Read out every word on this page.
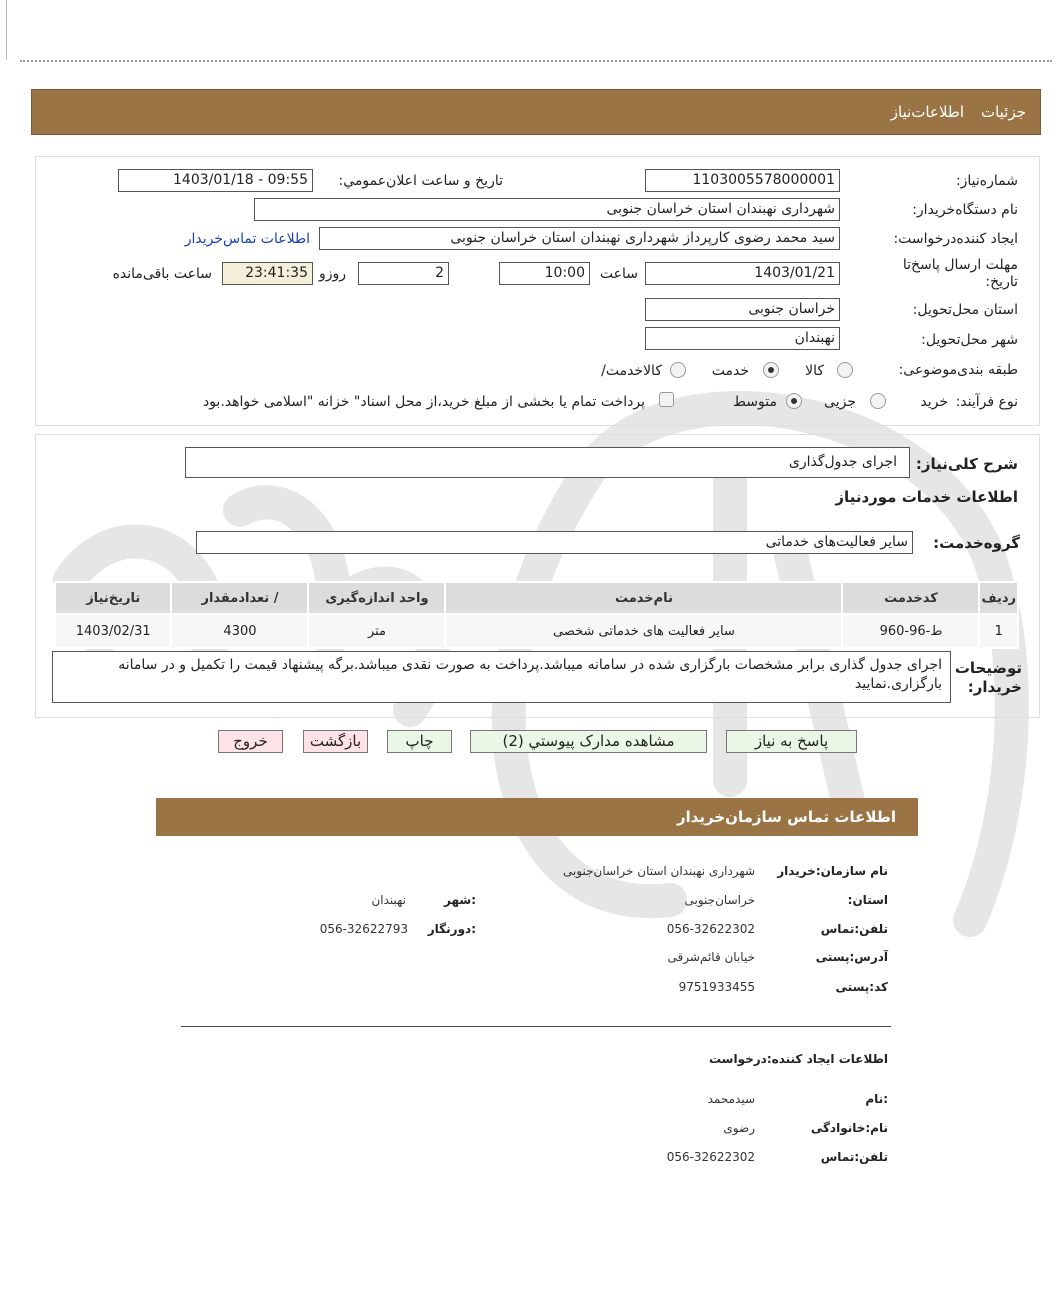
جزئیات
اطلاعات‌نیاز
شماره‌نیاز:
1103005578000001
تاریخ و ساعت اعلان‌عمومي:
1403/01/18 - 09:55
نام دستگاه‌خریدار:
شهرداری نهبندان استان خراسان جنوبی
ایجاد کننده‌درخواست:
سید محمد رضوی کارپرداز شهرداری نهبندان استان خراسان جنوبی
اطلاعات تماس‌خریدار
مهلت ارسال پاسخ‌تا تاریخ:
1403/01/21
ساعت
10:00
2
روزو
23:41:35
ساعت باقی‌مانده
استان محل‌تحویل:
خراسان جنوبی
شهر محل‌تحویل:
نهبندان
طبقه بندی‌موضوعی:
کالا
خدمت
کالا‌خدمت/
نوع فرآیند:
خرید
جزیی
متوسط
پرداخت تمام یا بخشی از مبلغ خرید،از محل اسناد" خزانه "اسلامی خواهد.بود
شرح کلی‌نیاز:
اجرای جدول‌گذاری
اطلاعات خدمات موردنیاز
گروه‌خدمت:
سایر فعالیت‌های خدماتی
ردیف	کدخدمت	نام‌خدمت	واحد اندازه‌گیری	/ تعدادمقدار	تاریخ‌نیاز
1	ط-96-960	سایر فعالیت های خدماتی شخصی	متر	4300	1403/02/31
توضیحات خریدار:
اجرای جدول گذاری برابر مشخصات بارگزاری شده در سامانه میباشد.پرداخت به صورت نقدی میباشد.برگه پیشنهاد قیمت را تکمیل و در سامانه بارگزاری.نمایید
پاسخ به نیاز
مشاهده مدارک پیوستي (2)
چاپ
بازگشت
خروج
اطلاعات تماس سازمان‌خریدار
نام سازمان:خریدار
شهرداری نهبندان استان خراسان‌جنوبی
استان:
خراسان‌جنوبی
:شهر
نهبندان
تلفن:تماس
056-32622302
:دورنگار
056-32622793
آدرس:پستی
خیابان قائم‌شرقی
کد:پستی
9751933455
اطلاعات ایجاد کننده:درخواست
:نام
سیدمحمد
نام:خانوادگی
رضوی
تلفن:تماس
056-32622302
